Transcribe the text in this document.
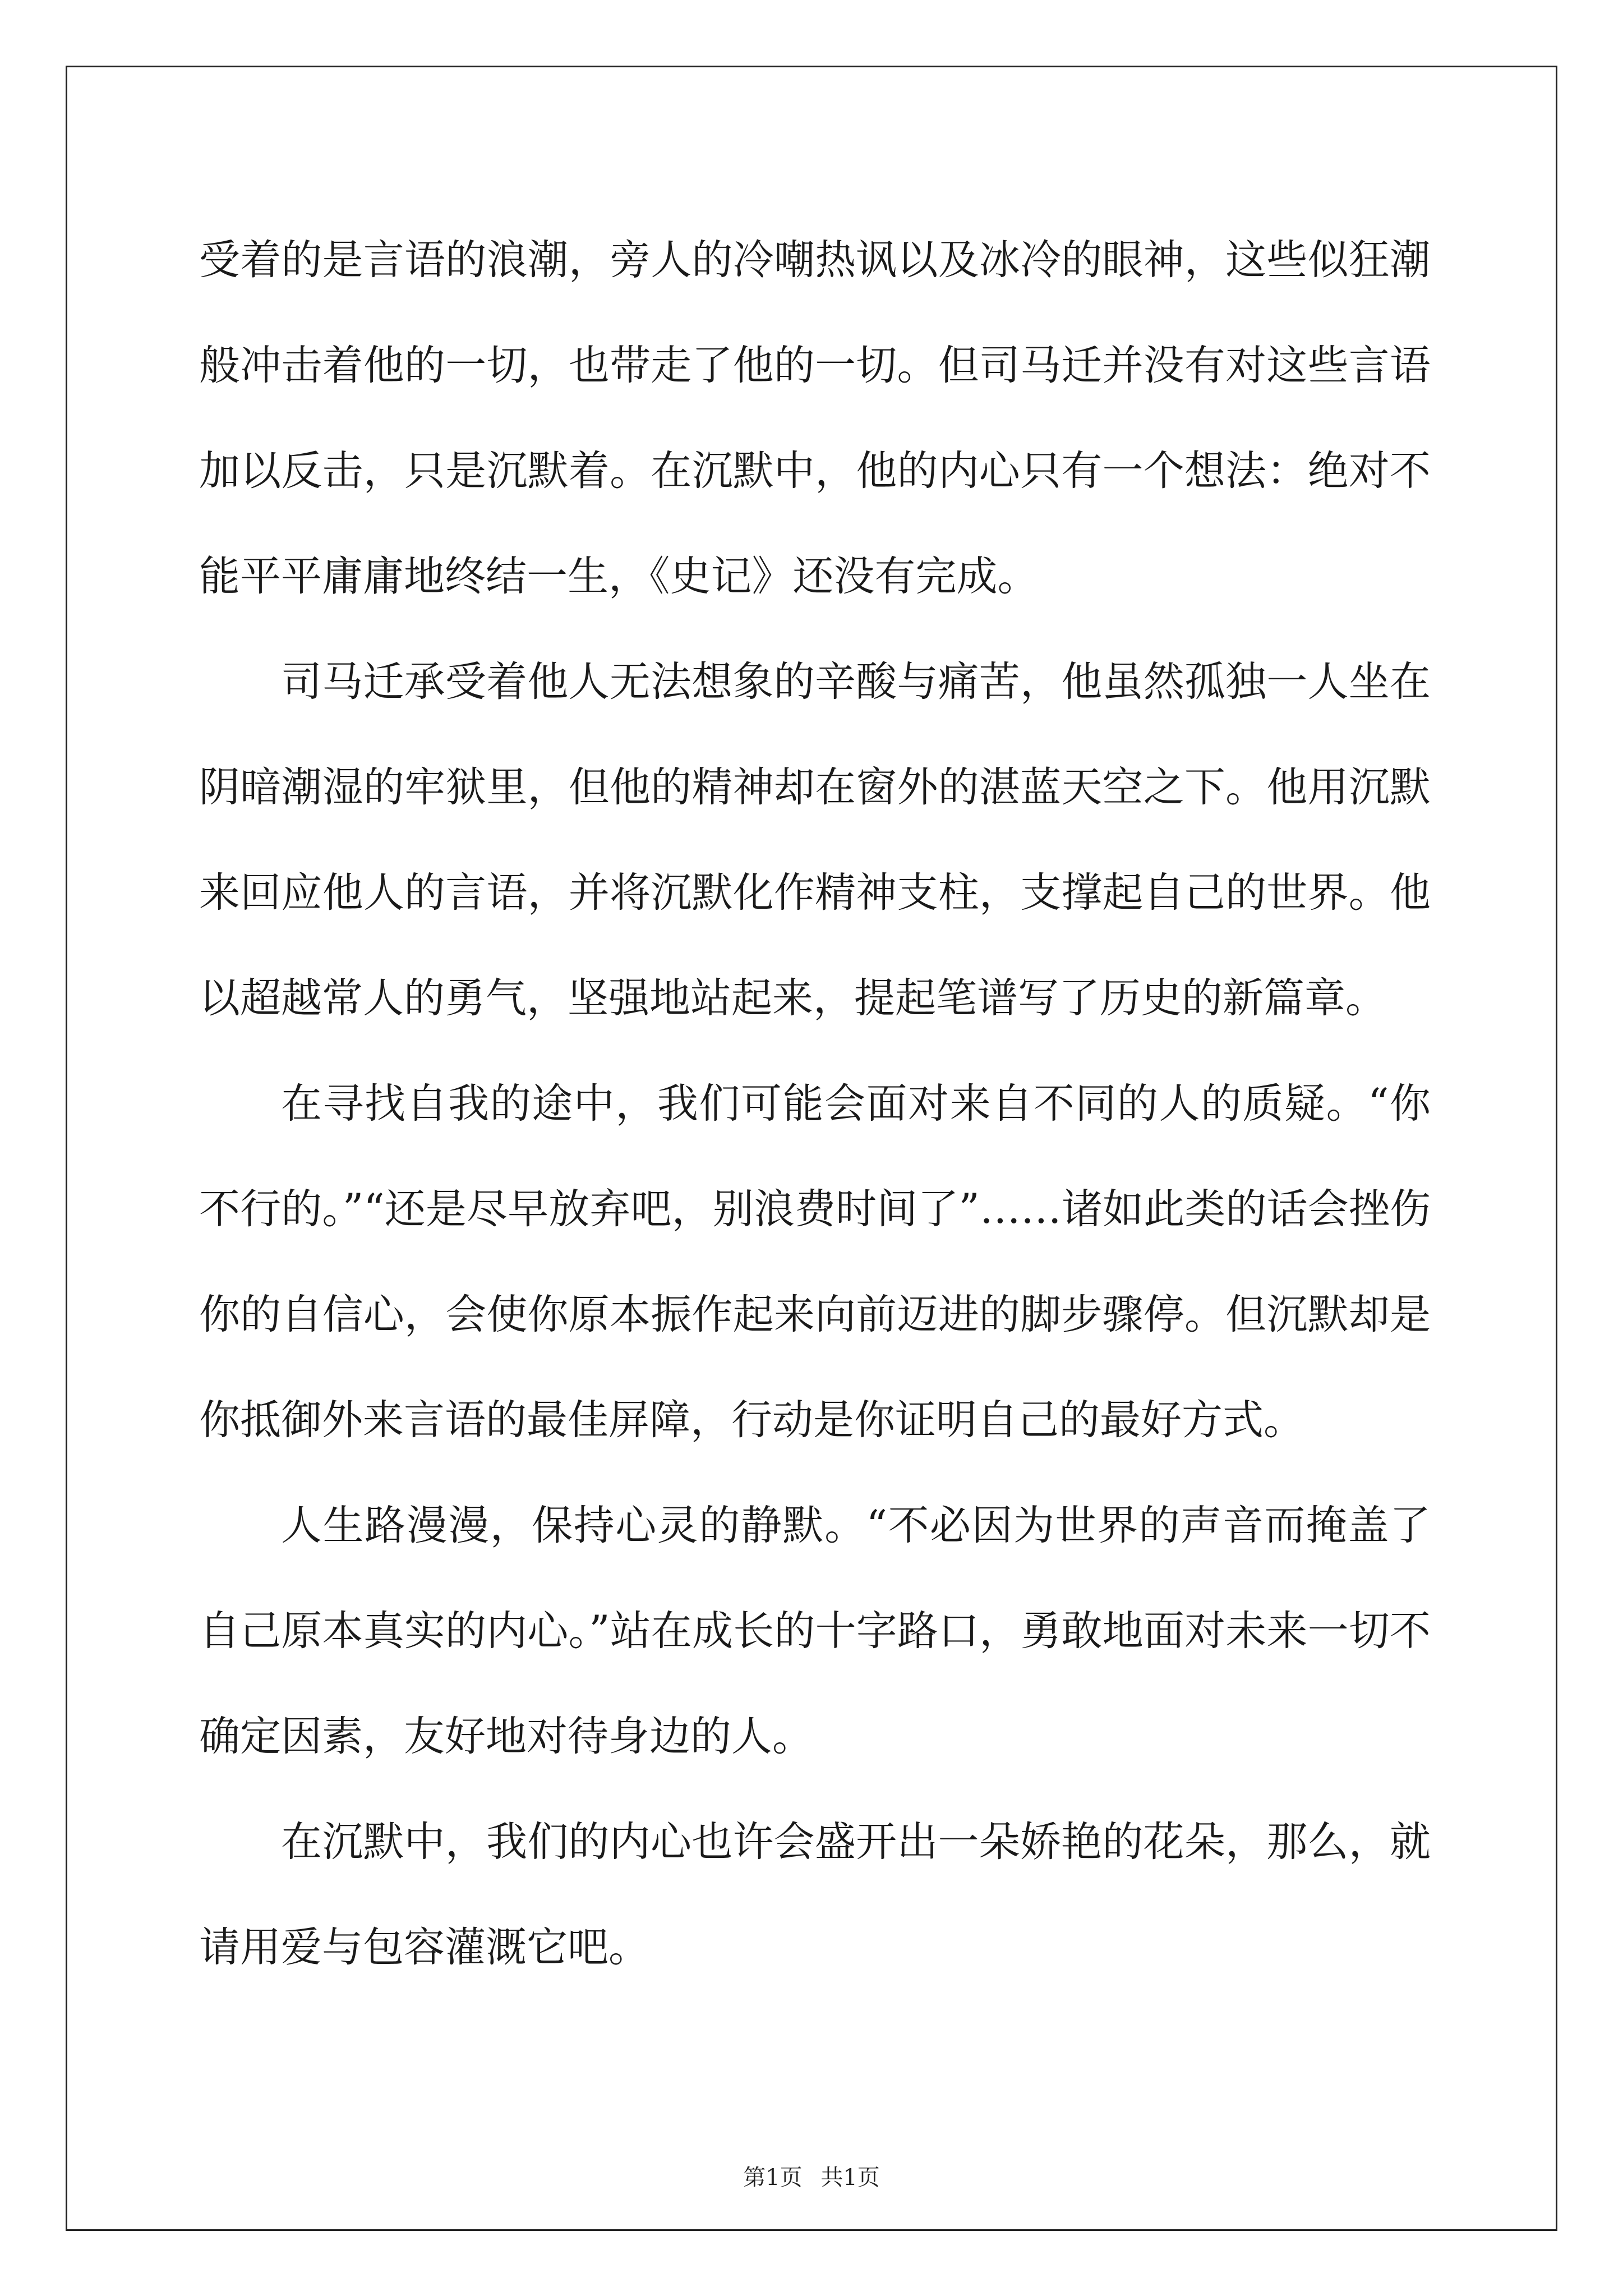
受着的是言语的浪潮，旁人的冷嘲热讽以及冰冷的眼神，这些似狂潮般冲击着他的一切，也带走了他的一切。但司马迁并没有对这些言语加以反击，只是沉默着。在沉默中，他的内心只有一个想法：绝对不能平平庸庸地终结一生，《史记》还没有完成。

司马迁承受着他人无法想象的辛酸与痛苦，他虽然孤独一人坐在阴暗潮湿的牢狱里，但他的精神却在窗外的湛蓝天空之下。他用沉默来回应他人的言语，并将沉默化作精神支柱，支撑起自己的世界。他以超越常人的勇气，坚强地站起来，提起笔谱写了历史的新篇章。

在寻找自我的途中，我们可能会面对来自不同的人的质疑。“你不行的。”“还是尽早放弃吧，别浪费时间了”……诸如此类的话会挫伤你的自信心，会使你原本振作起来向前迈进的脚步骤停。但沉默却是你抵御外来言语的最佳屏障，行动是你证明自己的最好方式。

人生路漫漫，保持心灵的静默。“不必因为世界的声音而掩盖了自己原本真实的内心。”站在成长的十字路口，勇敢地面对未来一切不确定因素，友好地对待身边的人。

在沉默中，我们的内心也许会盛开出一朵娇艳的花朵，那么，就请用爱与包容灌溉它吧。

第1页 共1页
